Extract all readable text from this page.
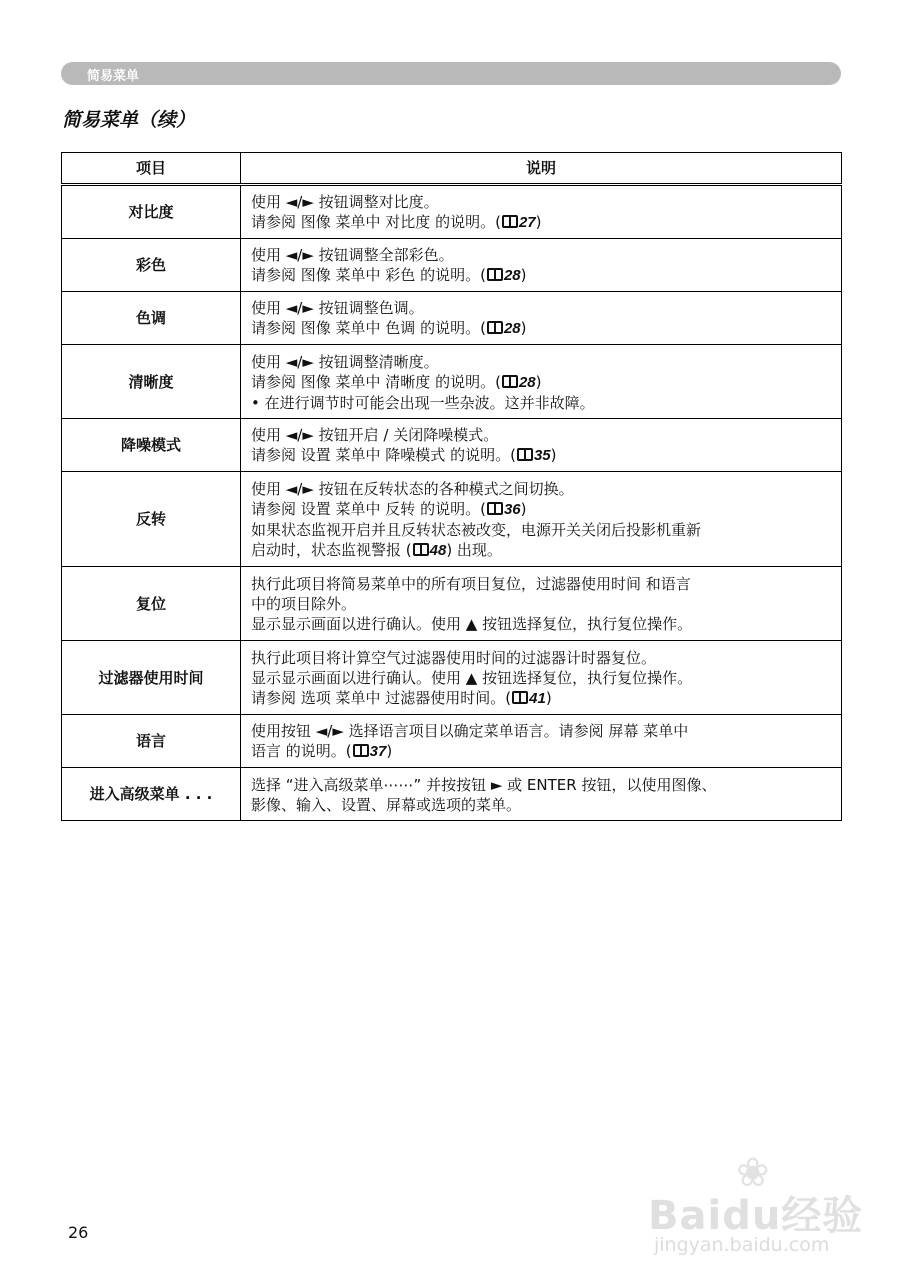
简易菜单
简易菜单（续）
项目	说明
对比度	使用 ◄/► 按钮调整对比度。
请参阅 图像 菜单中 对比度 的说明。( 27)

彩色	使用 ◄/► 按钮调整全部彩色。
请参阅 图像 菜单中 彩色 的说明。( 28)

色调	使用 ◄/► 按钮调整色调。
请参阅 图像 菜单中 色调 的说明。( 28)

清晰度	使用 ◄/► 按钮调整清晰度。
请参阅 图像 菜单中 清晰度 的说明。( 28)
• 在进行调节时可能会出现一些杂波。这并非故障。

降噪模式	使用 ◄/► 按钮开启 / 关闭降噪模式。
请参阅 设置 菜单中 降噪模式 的说明。( 35)

反转	使用 ◄/► 按钮在反转状态的各种模式之间切换。
请参阅 设置 菜单中 反转 的说明。( 36)
如果状态监视开启并且反转状态被改变，电源开关关闭后投影机重新
启动时，状态监视警报 ( 48) 出现。

复位	执行此项目将简易菜单中的所有项目复位，过滤器使用时间 和语言
中的项目除外。
显示显示画面以进行确认。使用 ▲ 按钮选择复位，执行复位操作。

过滤器使用时间	执行此项目将计算空气过滤器使用时间的过滤器计时器复位。
显示显示画面以进行确认。使用 ▲ 按钮选择复位，执行复位操作。
请参阅 选项 菜单中 过滤器使用时间。( 41)

语言	使用按钮 ◄/► 选择语言项目以确定菜单语言。请参阅 屏幕 菜单中
语言 的说明。( 37)

进入高级菜单 . . .	选择 “进入高级菜单⋯⋯” 并按按钮 ► 或 ENTER 按钮，以使用图像、
影像、输入、设置、屏幕或选项的菜单。
26
❀
Baidu经验
jingyan.baidu.com
